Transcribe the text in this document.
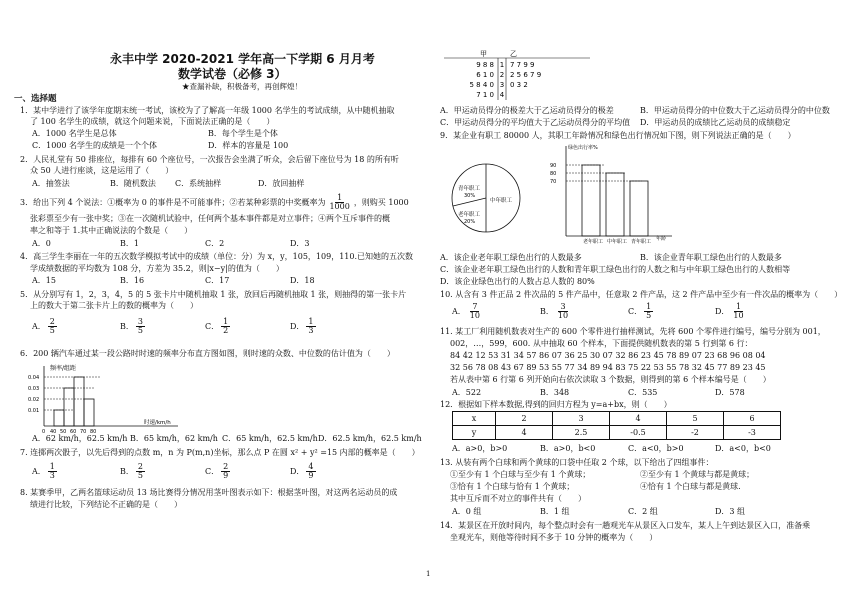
永丰中学 2020-2021 学年高一下学期 6 月月考
数学试卷（必修 3）
★查漏补缺，积极备考，再创辉煌！
一、选择题
1．某中学进行了该学年度期末统一考试，该校为了了解高一年级 1000 名学生的考试成绩，从中随机抽取
了 100 名学生的成绩，就这个问题来说，下面说法正确的是（　　）
A．1000 名学生是总体	B．每个学生是个体
C．1000 名学生的成绩是一个个体	D．样本的容量是 100
2．人民礼堂有 50 排座位，每排有 60 个座位号，一次报告会坐满了听众，会后留下座位号为 18 的所有听
众 50 人进行座谈，这是运用了（　　）
A．抽签法	B．随机数法 C．系统抽样	D．放回抽样
3．给出下列 4 个说法：①概率为 0 的事件是不可能事件；②若某种彩票的中奖概率为 $\frac{1}{1000}$ ，则购买 1000
张彩票至少有一张中奖；③在一次随机试验中，任何两个基本事件都是对立事件；④两个互斥事件的概
率之和等于 1.其中正确说法的个数是（　　）
A．0	B．1	C．2	D．3
4．高三学生李丽在一年的五次数学模拟考试中的成绩（单位：分）为 x，y，105，109，110.已知她的五次数
学成绩数据的平均数为 108 分，方差为 35.2，则|x−y|的值为（　　）
A．15	B．16	C．17	D．18
5．从分别写有 1，2，3，4，5 的 5 张卡片中随机抽取 1 张，放回后再随机抽取 1 张，则抽得的第一张卡片
上的数大于第二张卡片上的数的概率为（　　）
A． $\frac{2}{5}$	B． $\frac{3}{5}$	C． $\frac{1}{2}$	D． $\frac{1}{3}$
6．200 辆汽车通过某一段公路时时速的频率分布直方图如图，则时速的众数、中位数的估计值为（　　）
频率/组距
时速/km/h
0.04
0.03
0.02
0.01
0 40 50 60 70 80
A．62 km/h，62.5 km/h B．65 km/h，62 km/h C．65 km/h，62.5 km/h D．62.5 km/h，62.5 km/h
7. 连掷两次骰子，以先后得到的点数 m，n 为 P(m,n)坐标，那么点 P 在圆 x² + y² =15 内部的概率是（　　）
A． $\frac{1}{3}$	B． $\frac{2}{5}$	C． $\frac{2}{9}$	D． $\frac{4}{9}$
8. 某赛季甲，乙两名篮球运动员 13 场比赛得分情况用茎叶图表示如下：根据茎叶图，对这两名运动员的成
绩进行比较，下列结论不正确的是（　　）
甲	乙
9 8 8 1 7 7 9 9
6 1 0 2 2 5 6 7 9
5 8 4 0 3 0 3 2
7 1 0 4
A．甲运动员得分的极差大于乙运动员得分的极差	B．甲运动员得分的中位数大于乙运动员得分的中位数
C．甲运动员得分的平均值大于乙运动员得分的平均值 D．甲运动员的成绩比乙运动员的成绩稳定
9．某企业有职工 80000 人，其职工年龄情况和绿色出行情况如下图，则下列说法正确的是（　　）
青年职工
30%
老年职工
20%
中年职工
绿色出行率%
90
80
70
老年职工 中年职工 青年职工 年龄
A．该企业老年职工绿色出行的人数最多	B．该企业青年职工绿色出行的人数最多
C．该企业老年职工绿色出行的人数和青年职工绿色出行的人数之和与中年职工绿色出行的人数相等
D．该企业绿色出行的人数占总人数的 80%
10. 从含有 3 件正品 2 件次品的 5 件产品中，任意取 2 件产品，这 2 件产品中至少有一件次品的概率为（　　）
A． $\frac{7}{10}$	B． $\frac{3}{10}$	C． $\frac{1}{5}$	D． $\frac{1}{10}$
11. 某工厂利用随机数表对生产的 600 个零件进行抽样测试，先将 600 个零件进行编号，编号分别为 001，
002，…，599，600. 从中抽取 60 个样本，下面提供随机数表的第 5 行到第 6 行：
84 42 12 53 31 34 57 86 07 36 25 30 07 32 86 23 45 78 89 07 23 68 96 08 04
32 56 78 08 43 67 89 53 55 77 34 89 94 83 75 22 53 55 78 32 45 77 89 23 45
若从表中第 6 行第 6 列开始向右依次读取 3 个数据，则得到的第 6 个样本编号是（　　）
A．522	B．348	C．535	D．578
12．根据如下样本数据,得到的回归方程为 y=a+bx，则（　　）
x	2	3	4	5	6
y	4	2.5	-0.5	-2	-3
A．a>0，b>0	B．a>0，b<0	C．a<0，b>0	D．a<0，b<0
13. 从装有两个白球和两个黄球的口袋中任取 2 个球，以下给出了四组事件：
①至少有 1 个白球与至少有 1 个黄球；	②至少有 1 个黄球与都是黄球；
③恰有 1 个白球与恰有 1 个黄球；	④恰有 1 个白球与都是黄球.
其中互斥而不对立的事件共有（　　）
A．0 组	B．1 组	C．2 组	D．3 组
14．某景区在开放时间内，每个整点时会有一趟观光车从景区入口发车，某人上午到达景区入口，准备乘
坐观光车，则他等待时间不多于 10 分钟的概率为（　　）
1
